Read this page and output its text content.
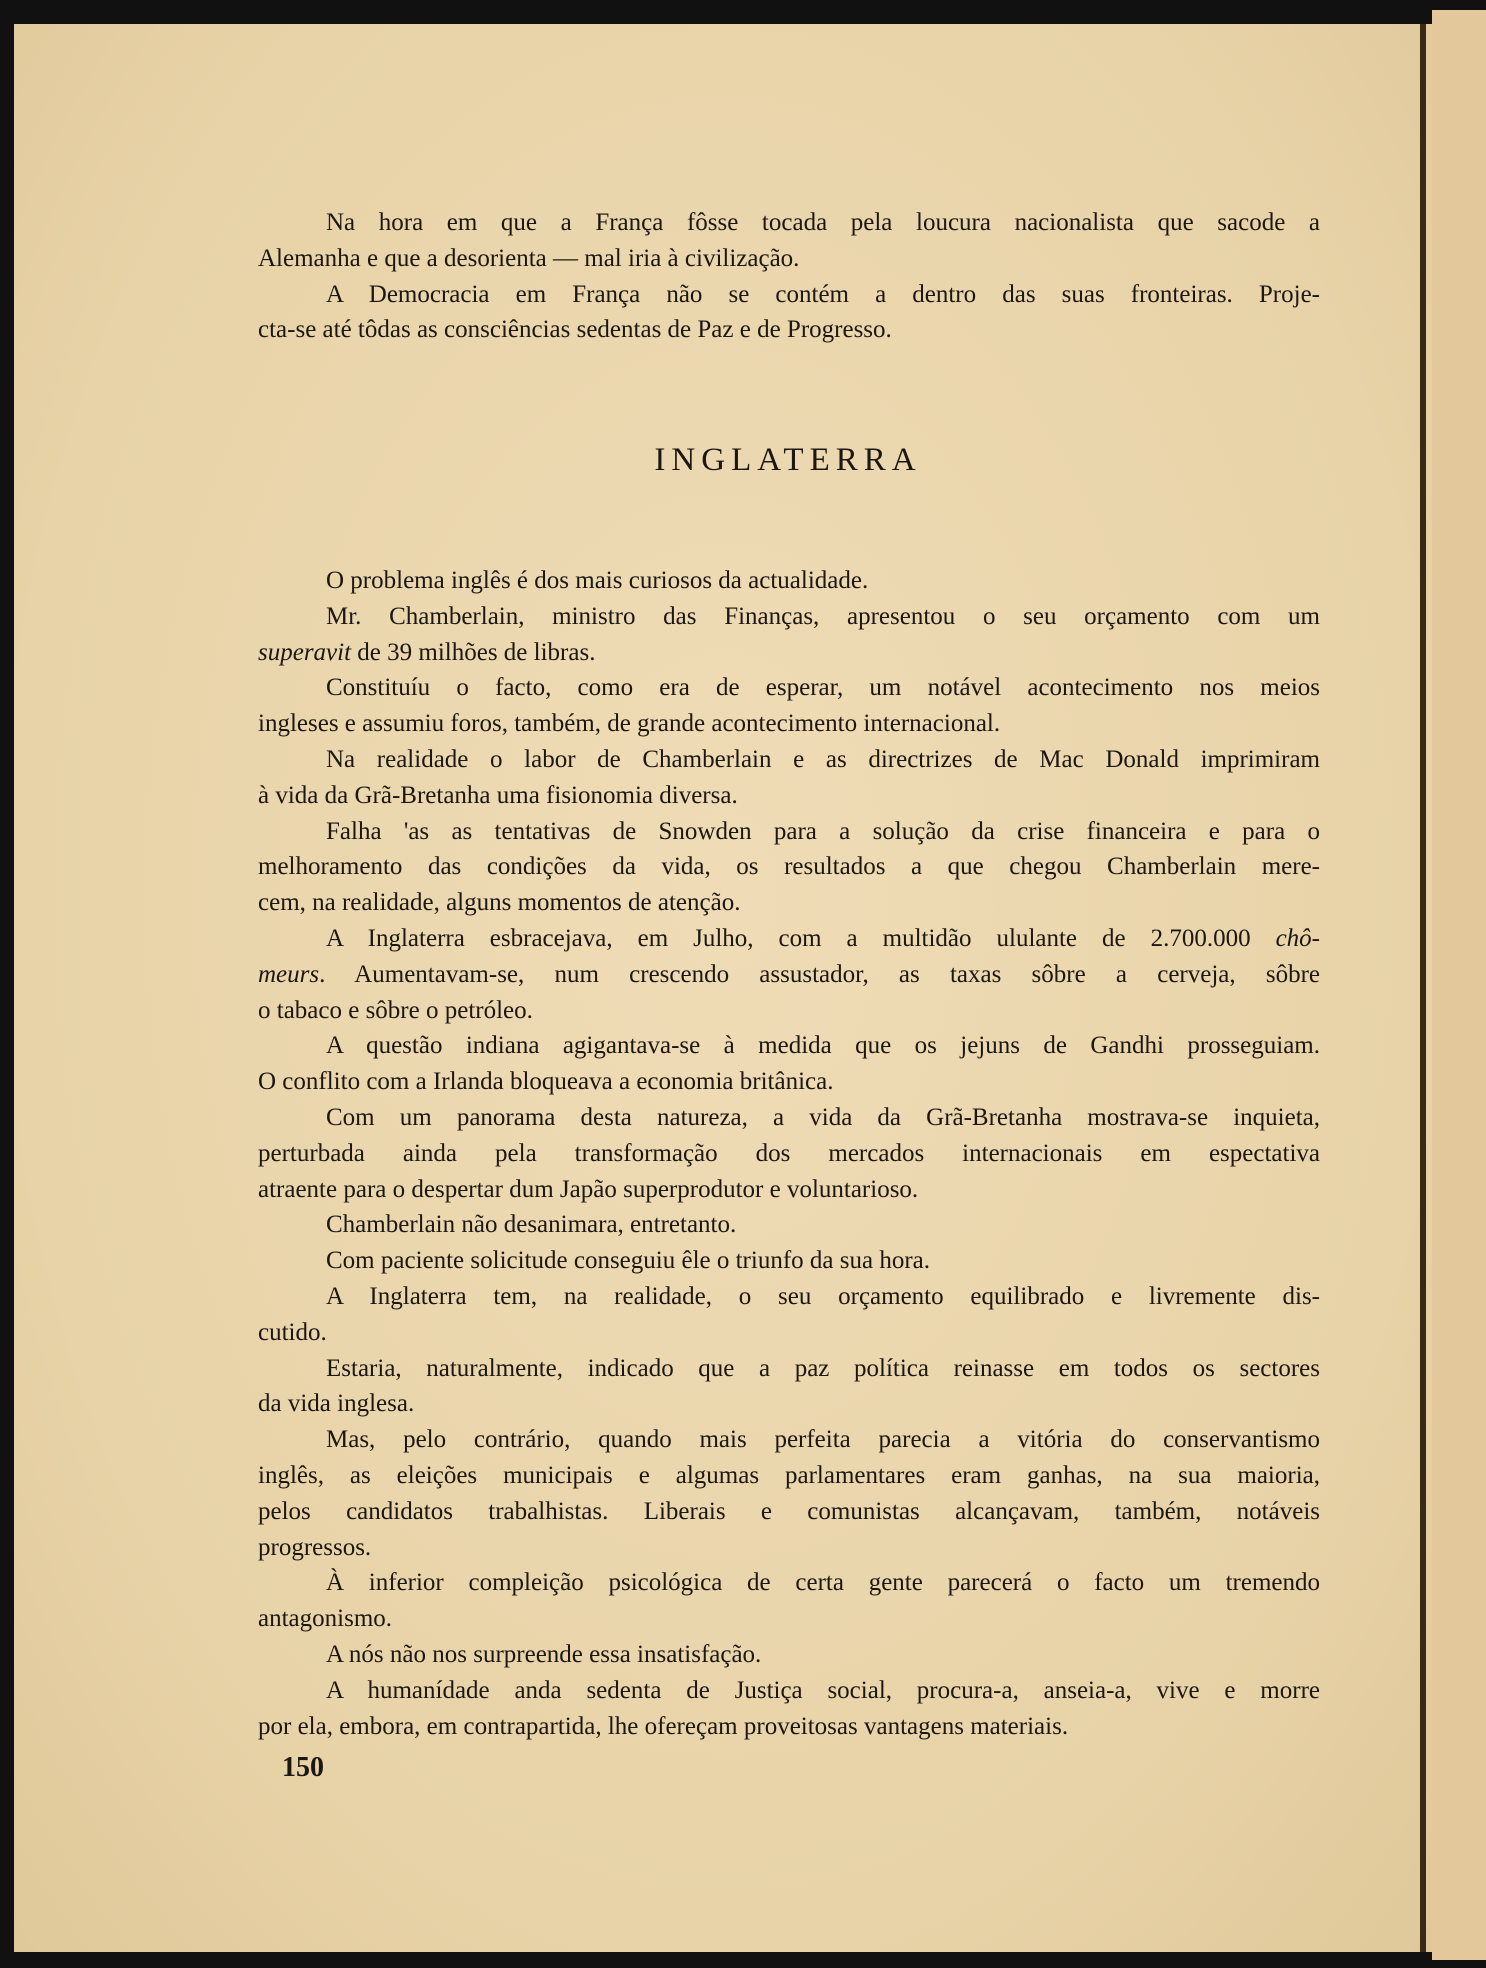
Na hora em que a França fôsse tocada pela loucura nacionalista que sacode a
Alemanha e que a desorienta — mal iria à civilização.
A Democracia em França não se contém a dentro das suas fronteiras. Proje-
cta-se até tôdas as consciências sedentas de Paz e de Progresso.
INGLATERRA
O problema inglês é dos mais curiosos da actualidade.
Mr. Chamberlain, ministro das Finanças, apresentou o seu orçamento com um
superavit de 39 milhões de libras.
Constituíu o facto, como era de esperar, um notável acontecimento nos meios
ingleses e assumiu foros, também, de grande acontecimento internacional.
Na realidade o labor de Chamberlain e as directrizes de Mac Donald imprimiram
à vida da Grã-Bretanha uma fisionomia diversa.
Falha 'as as tentativas de Snowden para a solução da crise financeira e para o
melhoramento das condições da vida, os resultados a que chegou Chamberlain mere-
cem, na realidade, alguns momentos de atenção.
A Inglaterra esbracejava, em Julho, com a multidão ululante de 2.700.000 chô-
meurs. Aumentavam-se, num crescendo assustador, as taxas sôbre a cerveja, sôbre
o tabaco e sôbre o petróleo.
A questão indiana agigantava-se à medida que os jejuns de Gandhi prosseguiam.
O conflito com a Irlanda bloqueava a economia britânica.
Com um panorama desta natureza, a vida da Grã-Bretanha mostrava-se inquieta,
perturbada ainda pela transformação dos mercados internacionais em espectativa
atraente para o despertar dum Japão superprodutor e voluntarioso.
Chamberlain não desanimara, entretanto.
Com paciente solicitude conseguiu êle o triunfo da sua hora.
A Inglaterra tem, na realidade, o seu orçamento equilibrado e livremente dis-
cutido.
Estaria, naturalmente, indicado que a paz política reinasse em todos os sectores
da vida inglesa.
Mas, pelo contrário, quando mais perfeita parecia a vitória do conservantismo
inglês, as eleições municipais e algumas parlamentares eram ganhas, na sua maioria,
pelos candidatos trabalhistas. Liberais e comunistas alcançavam, também, notáveis
progressos.
À inferior compleição psicológica de certa gente parecerá o facto um tremendo
antagonismo.
A nós não nos surpreende essa insatisfação.
A humanídade anda sedenta de Justiça social, procura-a, anseia-a, vive e morre
por ela, embora, em contrapartida, lhe ofereçam proveitosas vantagens materiais.
150
